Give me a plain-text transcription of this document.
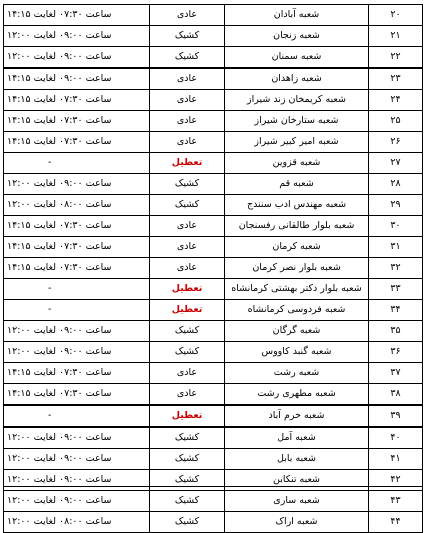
۲۰	شعبه آبادان	عادی	ساعت ۰۷:۳۰ لغایت ۱۴:۱۵
۲۱	شعبه زنجان	کشیک	ساعت ۰۹:۰۰ لغایت ۱۲:۰۰
۲۲	شعبه سمنان	کشیک	ساعت ۰۹:۰۰ لغایت ۱۲:۰۰
۲۳	شعبه زاهدان	عادی	ساعت ۰۹:۰۰ لغایت ۱۴:۱۵
۲۴	شعبه کریمخان زند شیراز	عادی	ساعت ۰۷:۳۰ لغایت ۱۴:۱۵
۲۵	شعبه ستارخان شیراز	عادی	ساعت ۰۷:۳۰ لغایت ۱۴:۱۵
۲۶	شعبه امیر کبیر شیراز	عادی	ساعت ۰۷:۳۰ لغایت ۱۴:۱۵
۲۷	شعبه قزوین	تعطیل	-
۲۸	شعبه قم	کشیک	ساعت ۰۹:۰۰ لغایت ۱۲:۰۰
۲۹	شعبه مهندس ادب سنندج	کشیک	ساعت ۰۸:۰۰ لغایت ۱۲:۰۰
۳۰	شعبه بلوار طالقانی رفسنجان	عادی	ساعت ۰۷:۳۰ لغایت ۱۴:۱۵
۳۱	شعبه کرمان	عادی	ساعت ۰۷:۳۰ لغایت ۱۴:۱۵
۳۲	شعبه بلوار نصر کرمان	عادی	ساعت ۰۷:۳۰ لغایت ۱۴:۱۵
۳۳	شعبه بلوار دکتر بهشتی کرمانشاه	تعطیل	-
۳۴	شعبه فردوسی کرمانشاه	تعطیل	-
۳۵	شعبه گرگان	کشیک	ساعت ۰۹:۰۰ لغایت ۱۲:۰۰
۳۶	شعبه گنبد کاووس	کشیک	ساعت ۰۹:۰۰ لغایت ۱۲:۰۰
۳۷	شعبه رشت	عادی	ساعت ۰۷:۳۰ لغایت ۱۴:۱۵
۳۸	شعبه مطهری رشت	عادی	ساعت ۰۷:۳۰ لغایت ۱۴:۱۵
۳۹	شعبه خرم آباد	تعطیل	-
۴۰	شعبه آمل	کشیک	ساعت ۰۹:۰۰ لغایت ۱۲:۰۰
۴۱	شعبه بابل	کشیک	ساعت ۰۹:۰۰ لغایت ۱۲:۰۰
۴۲	شعبه تنکابن	کشیک	ساعت ۰۹:۰۰ لغایت ۱۲:۰۰
۴۳	شعبه ساری	کشیک	ساعت ۰۹:۰۰ لغایت ۱۲:۰۰
۴۴	شعبه اراک	کشیک	ساعت ۰۸:۰۰ لغایت ۱۲:۰۰
